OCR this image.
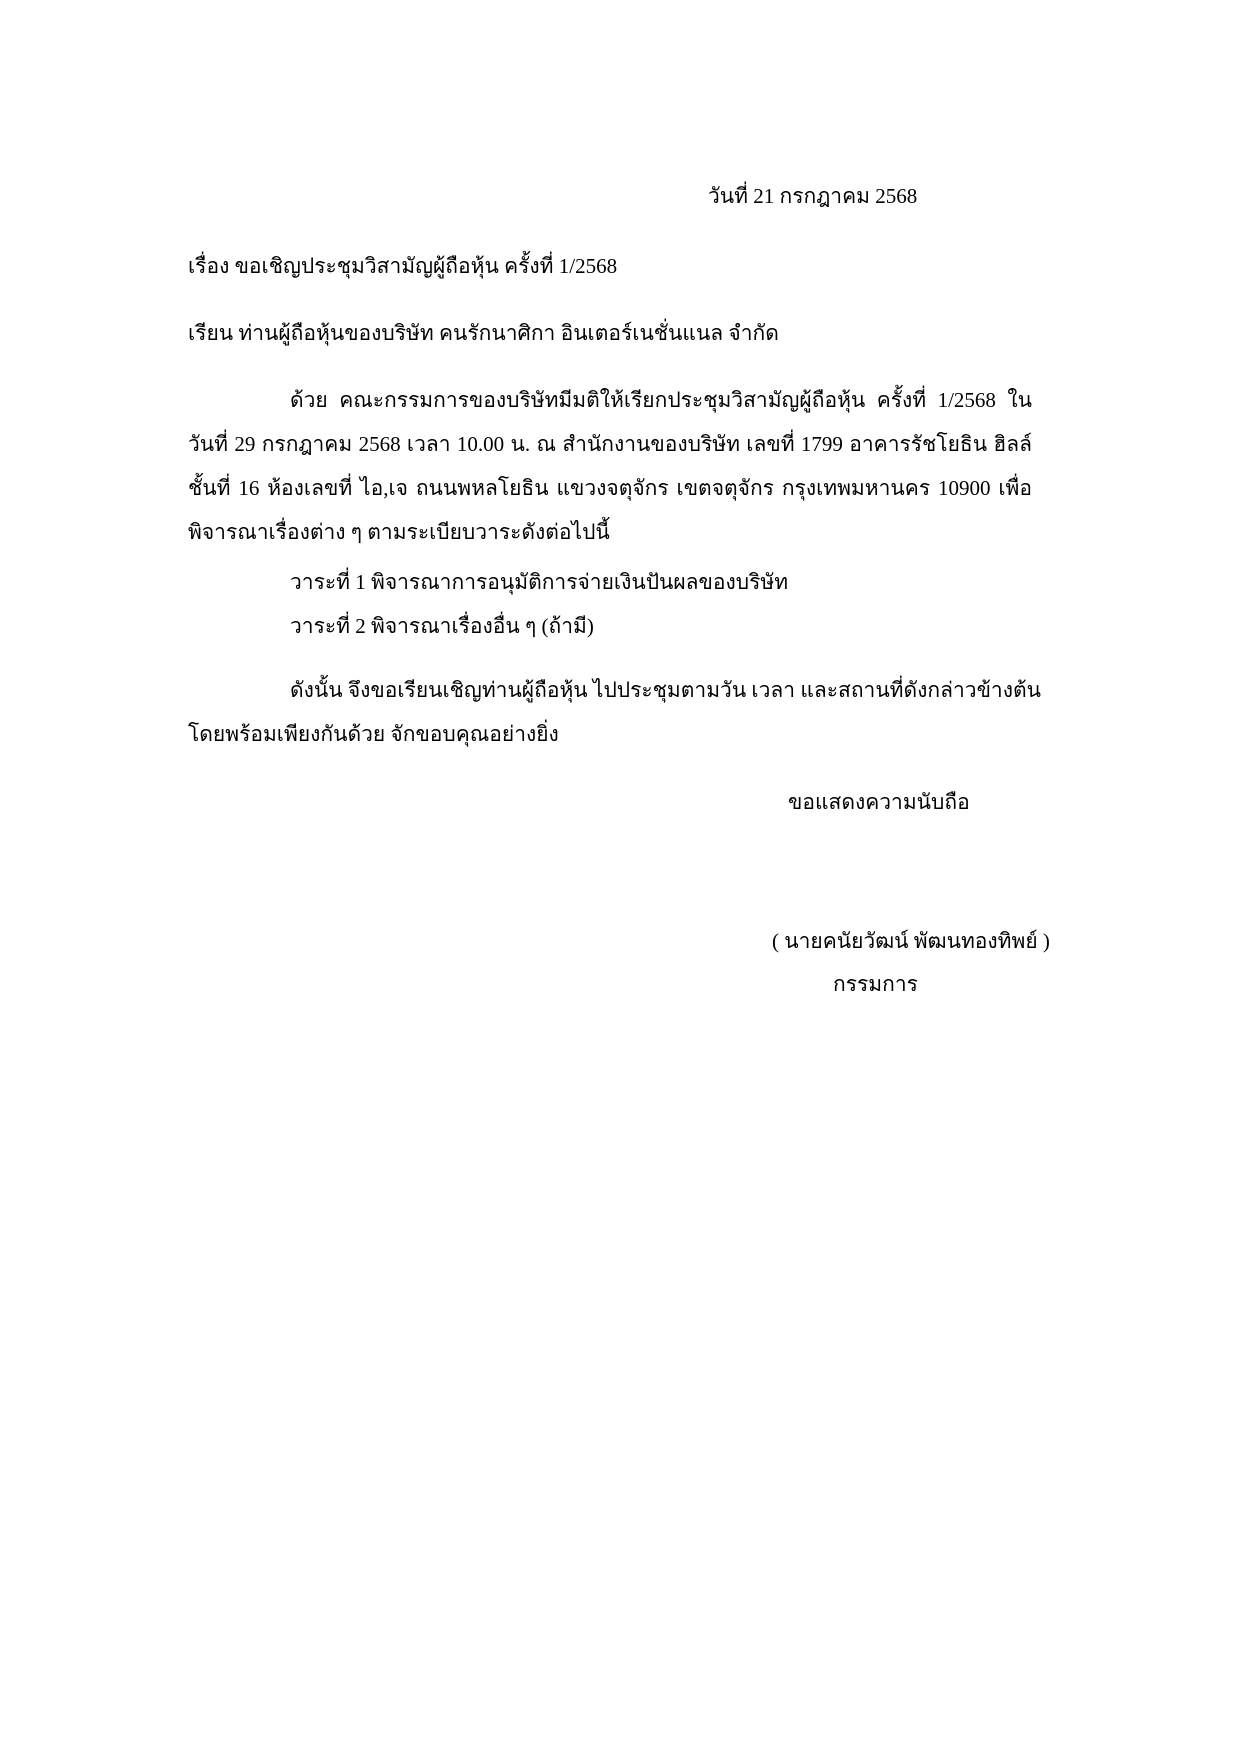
วันที่ 21 กรกฎาคม 2568
เรื่อง ขอเชิญประชุมวิสามัญผู้ถือหุ้น ครั้งที่ 1/2568
เรียน ท่านผู้ถือหุ้นของบริษัท คนรักนาศิกา อินเตอร์เนชั่นแนล จำกัด
ด้วย คณะกรรมการของบริษัทมีมติให้เรียกประชุมวิสามัญผู้ถือหุ้น ครั้งที่ 1/2568 ใน
วันที่ 29 กรกฎาคม 2568 เวลา 10.00 น. ณ สำนักงานของบริษัท เลขที่ 1799 อาคารรัชโยธิน ฮิลล์
ชั้นที่ 16 ห้องเลขที่ ไอ,เจ ถนนพหลโยธิน แขวงจตุจักร เขตจตุจักร กรุงเทพมหานคร 10900 เพื่อ
พิจารณาเรื่องต่าง ๆ ตามระเบียบวาระดังต่อไปนี้
วาระที่ 1 พิจารณาการอนุมัติการจ่ายเงินปันผลของบริษัท
วาระที่ 2 พิจารณาเรื่องอื่น ๆ (ถ้ามี)
ดังนั้น จึงขอเรียนเชิญท่านผู้ถือหุ้น ไปประชุมตามวัน เวลา และสถานที่ดังกล่าวข้างต้น
โดยพร้อมเพียงกันด้วย จักขอบคุณอย่างยิ่ง
ขอแสดงความนับถือ
( นายคนัยวัฒน์ พัฒนทองทิพย์ )
กรรมการ
